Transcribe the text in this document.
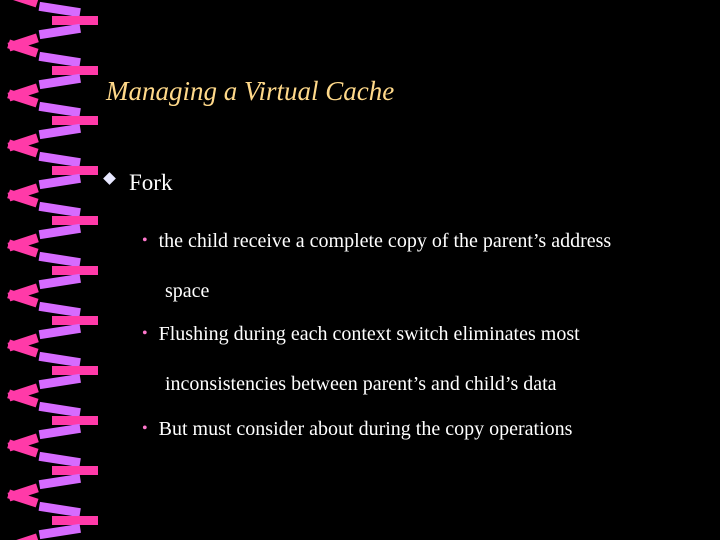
Managing a Virtual Cache
Fork
• the child receive a complete copy of the parent’s address
space
• Flushing during each context switch eliminates most
inconsistencies between parent’s and child’s data
• But must consider about during the copy operations
